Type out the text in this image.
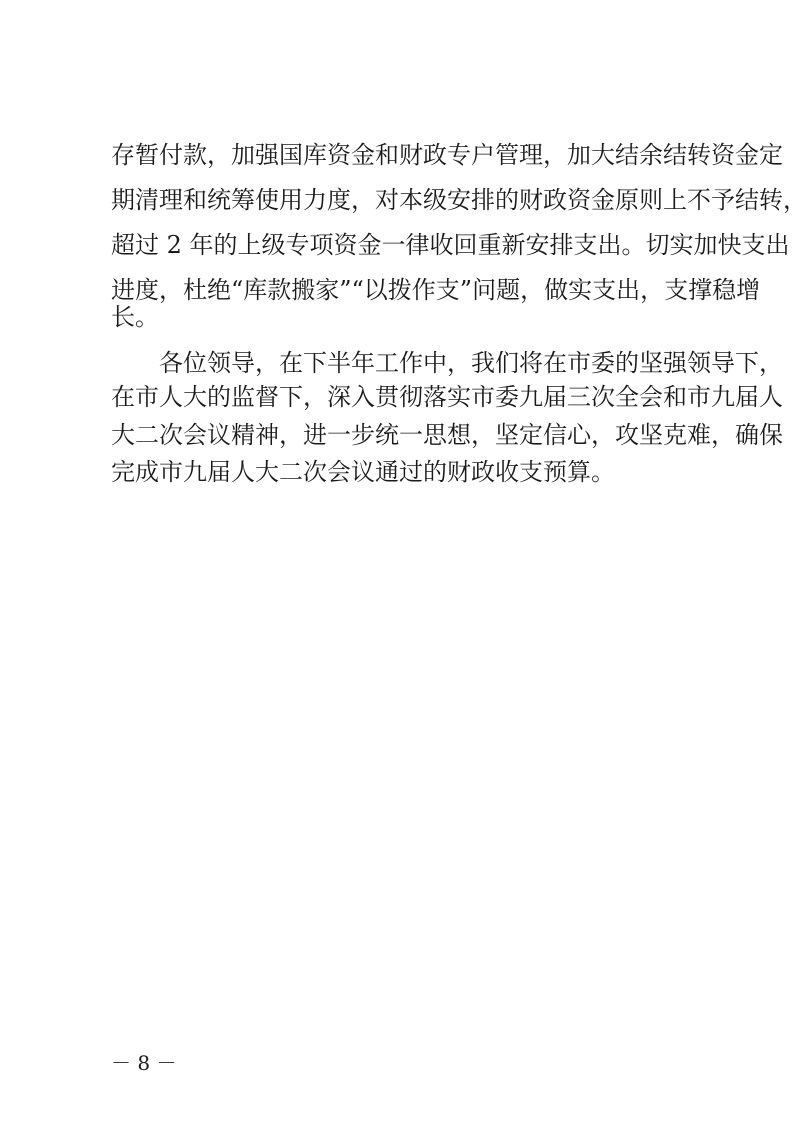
存暂付款，加强国库资金和财政专户管理，加大结余结转资金定
期清理和统筹使用力度，对本级安排的财政资金原则上不予结转，
超过 2 年的上级专项资金一律收回重新安排支出。切实加快支出
进度，杜绝“库款搬家”“以拨作支”问题，做实支出，支撑稳增
长。
各位领导，在下半年工作中，我们将在市委的坚强领导下，
在市人大的监督下，深入贯彻落实市委九届三次全会和市九届人
大二次会议精神，进一步统一思想，坚定信心，攻坚克难，确保
完成市九届人大二次会议通过的财政收支预算。
－ 8 －
